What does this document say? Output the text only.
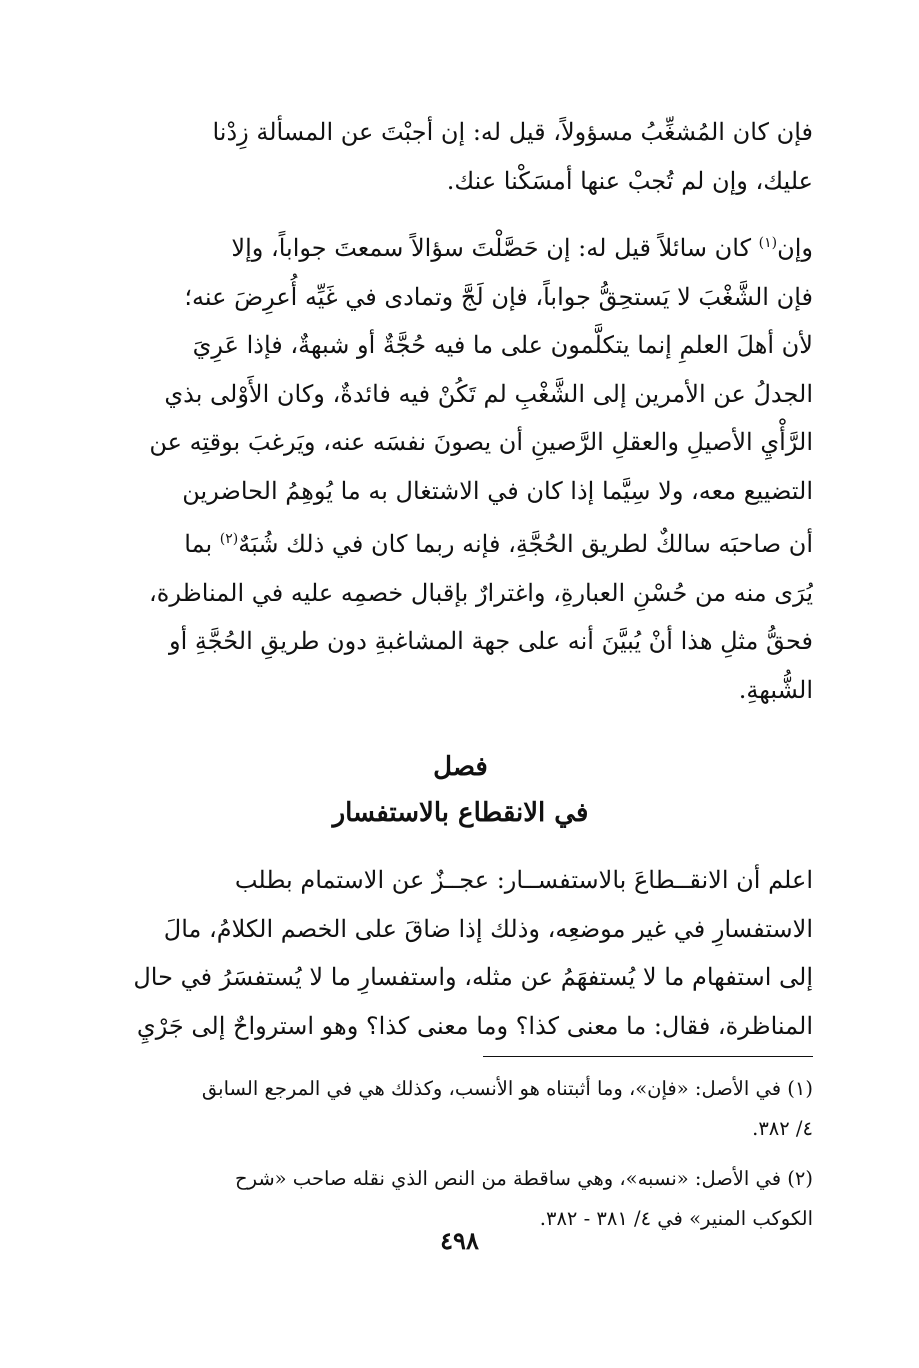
فإن كان المُشغِّبُ مسؤولاً، قيل له: إن أجبْتَ عن المسألة زِدْنا
عليك، وإن لم تُجبْ عنها أمسَكْنا عنك.

وإن$^{(١)}$ كان سائلاً قيل له: إن حَصَّلْتَ سؤالاً سمعتَ جواباً، وإلا
فإن الشَّغْبَ لا يَستحِقُّ جواباً، فإن لَجَّ وتمادى في غَيِّه أُعرِضَ عنه؛
لأن أهلَ العلمِ إنما يتكلَّمون على ما فيه حُجَّةٌ أو شبهةٌ، فإذا عَرِيَ
الجدلُ عن الأمرين إلى الشَّغْبِ لم تَكُنْ فيه فائدةٌ، وكان الأَوْلى بذي
الرَّأْيِ الأصيلِ والعقلِ الرَّصينِ أن يصونَ نفسَه عنه، ويَرغبَ بوقتِه عن
التضييع معه، ولا سِيَّما إذا كان في الاشتغال به ما يُوهِمُ الحاضرين
أن صاحبَه سالكٌ لطريق الحُجَّةِ، فإنه ربما كان في ذلك شُبَهٌ$^{(٢)}$ بما
يُرَى منه من حُسْنِ العبارةِ، واغترارٌ بإقبال خصمِه عليه في المناظرة،
فحقُّ مثلِ هذا أنْ يُبيَّنَ أنه على جهة المشاغبةِ دون طريقِ الحُجَّةِ أو
الشُّبهةِ.

فصل
في الانقطاع بالاستفسار

اعلم أن الانقــطاعَ بالاستفســار: عجــزٌ عن الاستمام بطلب
الاستفسارِ في غير موضعِه، وذلك إذا ضاقَ على الخصم الكلامُ، مالَ
إلى استفهام ما لا يُستفهَمُ عن مثله، واستفسارِ ما لا يُستفسَرُ في حال
المناظرة، فقال: ما معنى كذا؟ وما معنى كذا؟ وهو استرواحٌ إلى جَرْيِ

(١) في الأصل: «فإن»، وما أثبتناه هو الأنسب، وكذلك هي في المرجع السابق
٤/ ٣٨٢.
(٢) في الأصل: «نسبه»، وهي ساقطة من النص الذي نقله صاحب «شرح
الكوكب المنير» في ٤/ ٣٨١ - ٣٨٢.
٤٩٨
